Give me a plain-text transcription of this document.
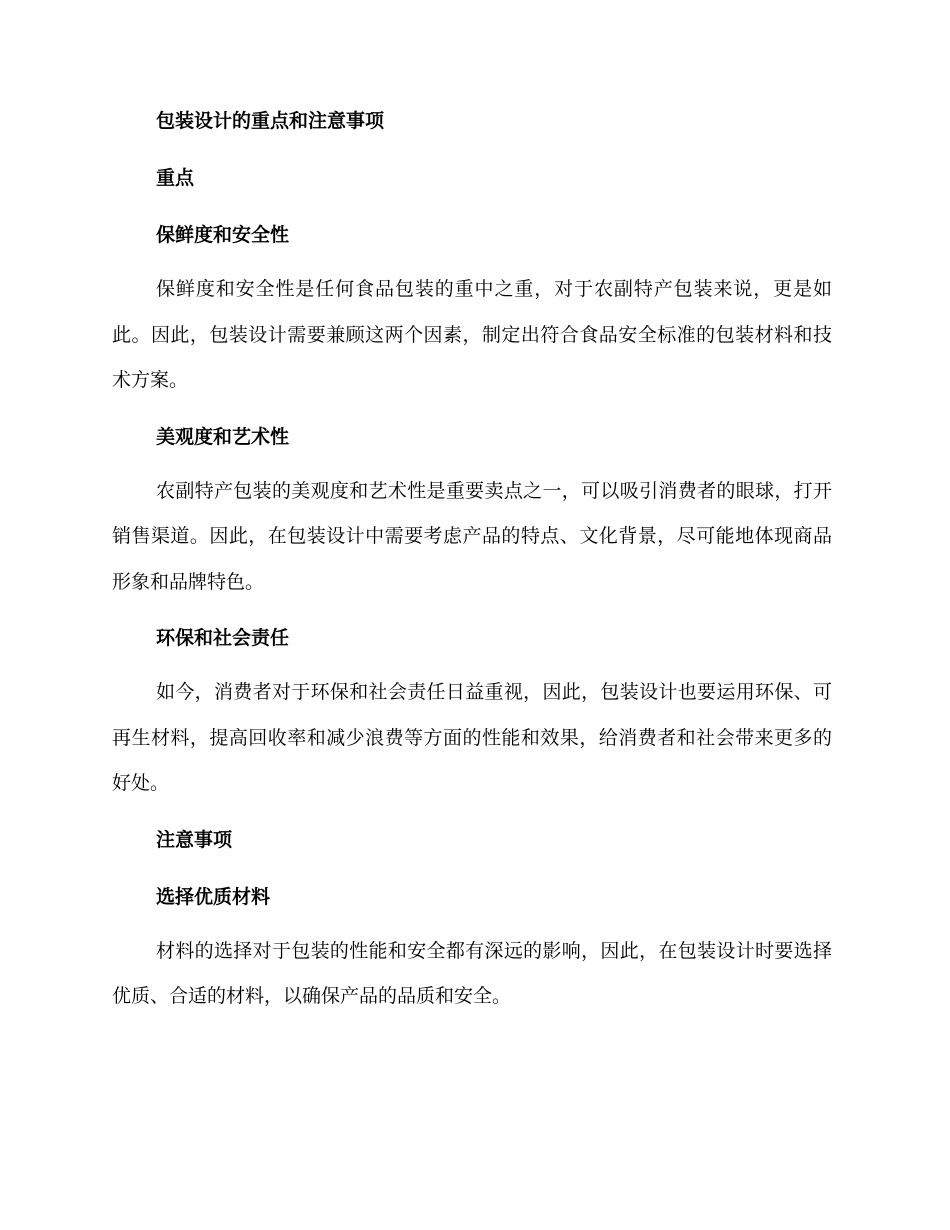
包装设计的重点和注意事项
重点
保鲜度和安全性
保鲜度和安全性是任何食品包装的重中之重，对于农副特产包装来说，更是如此。因此，包装设计需要兼顾这两个因素，制定出符合食品安全标准的包装材料和技术方案。
美观度和艺术性
农副特产包装的美观度和艺术性是重要卖点之一，可以吸引消费者的眼球，打开销售渠道。因此，在包装设计中需要考虑产品的特点、文化背景，尽可能地体现商品形象和品牌特色。
环保和社会责任
如今，消费者对于环保和社会责任日益重视，因此，包装设计也要运用环保、可再生材料，提高回收率和减少浪费等方面的性能和效果，给消费者和社会带来更多的好处。
注意事项
选择优质材料
材料的选择对于包装的性能和安全都有深远的影响，因此，在包装设计时要选择优质、合适的材料，以确保产品的品质和安全。
